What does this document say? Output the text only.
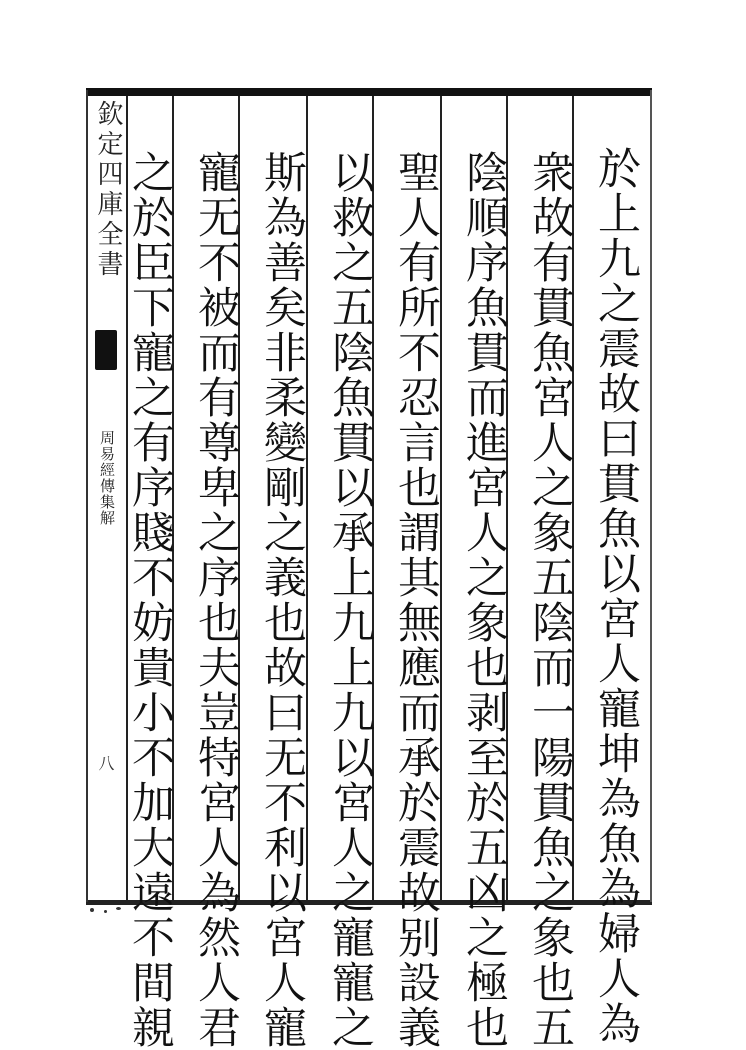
欽定四庫全書
周易經傳集解
八	於上九之震故曰貫魚以宮人寵坤為魚為婦人為
衆故有貫魚宮人之象五陰而一陽貫魚之象也五
陰順序魚貫而進宮人之象也剥至於五凶之極也
聖人有所不忍言也謂其無應而承於震故别設義
以救之五陰魚貫以承上九上九以宮人之寵寵之
斯為善矣非柔變剛之義也故曰无不利以宮人寵
寵无不被而有尊卑之序也夫豈特宮人為然人君
之於臣下寵之有序賤不妨貴小不加大遠不間親
